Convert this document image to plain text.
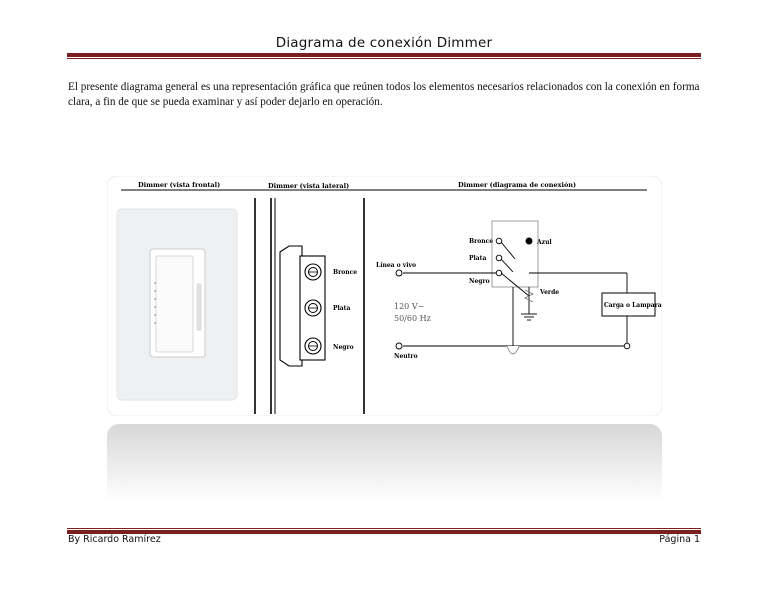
Diagrama de conexión Dimmer

El presente diagrama general es una representación gráfica que reúnen todos los elementos necesarios relacionados con la conexión en forma clara, a fin de que se pueda examinar y así poder dejarlo en operación.

Dimmer (vista frontal)	Dimmer (vista lateral)	Dimmer (diagrama de conexión)
Bronce
Plata
Negro
Bronce	Azul
Plata
Negro
Verde
Línea o vivo
Neutro
Carga o Lampara
120 V~
50/60 Hz
By Ricardo Ramírez	Página 1
